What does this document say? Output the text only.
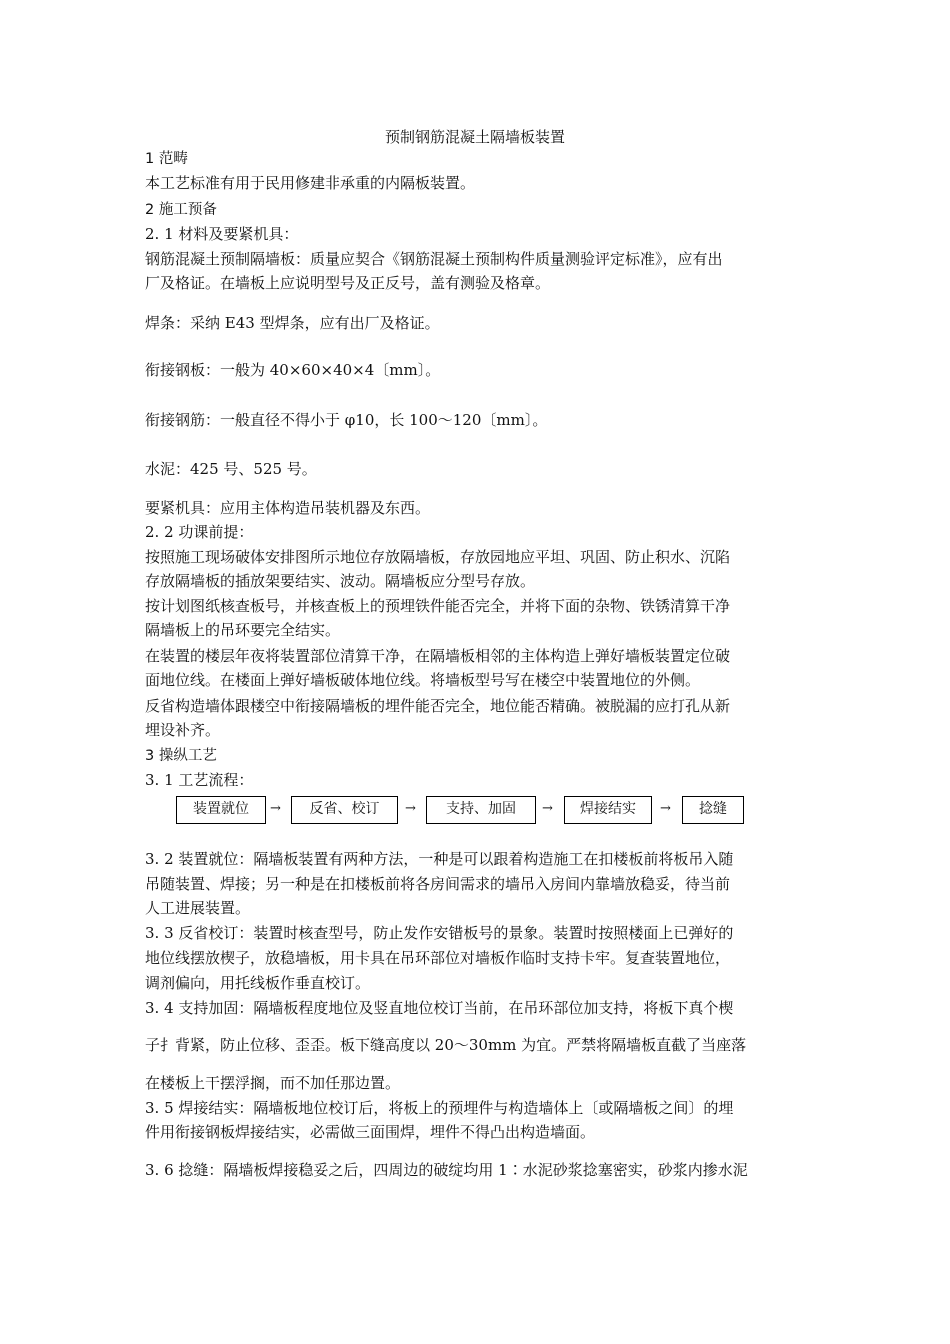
预制钢筋混凝土隔墙板装置
1 范畴
本工艺标准有用于民用修建非承重的内隔板装置。
2 施工预备
2. 1 材料及要紧机具：
钢筋混凝土预制隔墙板：质量应契合《钢筋混凝土预制构件质量测验评定标准》，应有出
厂及格证。在墙板上应说明型号及正反号，盖有测验及格章。
焊条：采纳 E43 型焊条，应有出厂及格证。
衔接钢板：一般为 40×60×40×4〔mm〕。
衔接钢筋：一般直径不得小于 φ10，长 100～120〔mm〕。
水泥：425 号、525 号。
要紧机具：应用主体构造吊装机器及东西。
2. 2 功课前提：
按照施工现场破体安排图所示地位存放隔墙板，存放园地应平坦、巩固、防止积水、沉陷
存放隔墙板的插放架要结实、波动。隔墙板应分型号存放。
按计划图纸核查板号，并核查板上的预埋铁件能否完全，并将下面的杂物、铁锈清算干净
隔墙板上的吊环要完全结实。
在装置的楼层年夜将装置部位清算干净，在隔墙板相邻的主体构造上弹好墙板装置定位破
面地位线。在楼面上弹好墙板破体地位线。将墙板型号写在楼空中装置地位的外侧。
反省构造墙体跟楼空中衔接隔墙板的埋件能否完全，地位能否精确。被脱漏的应打孔从新
埋设补齐。
3 操纵工艺
3. 1 工艺流程：
装置就位	→	反省、校订	→	支持、加固	→	焊接结实	→	捻缝
3. 2 装置就位：隔墙板装置有两种方法，一种是可以跟着构造施工在扣楼板前将板吊入随
吊随装置、焊接；另一种是在扣楼板前将各房间需求的墙吊入房间内靠墙放稳妥，待当前
人工进展装置。
3. 3 反省校订：装置时核查型号，防止发作安错板号的景象。装置时按照楼面上已弹好的
地位线摆放楔子，放稳墙板，用卡具在吊环部位对墙板作临时支持卡牢。复查装置地位，
调剂偏向，用托线板作垂直校订。
3. 4 支持加固：隔墙板程度地位及竖直地位校订当前，在吊环部位加支持，将板下真个楔
子扌背紧，防止位移、歪歪。板下缝高度以 20～30mm 为宜。严禁将隔墙板直截了当座落
在楼板上干摆浮搁，而不加任那边置。
3. 5 焊接结实：隔墙板地位校订后，将板上的预埋件与构造墙体上〔或隔墙板之间〕的埋
件用衔接钢板焊接结实，必需做三面围焊，埋件不得凸出构造墙面。
3. 6 捻缝：隔墙板焊接稳妥之后，四周边的破绽均用 1∶水泥砂浆捻塞密实，砂浆内掺水泥
